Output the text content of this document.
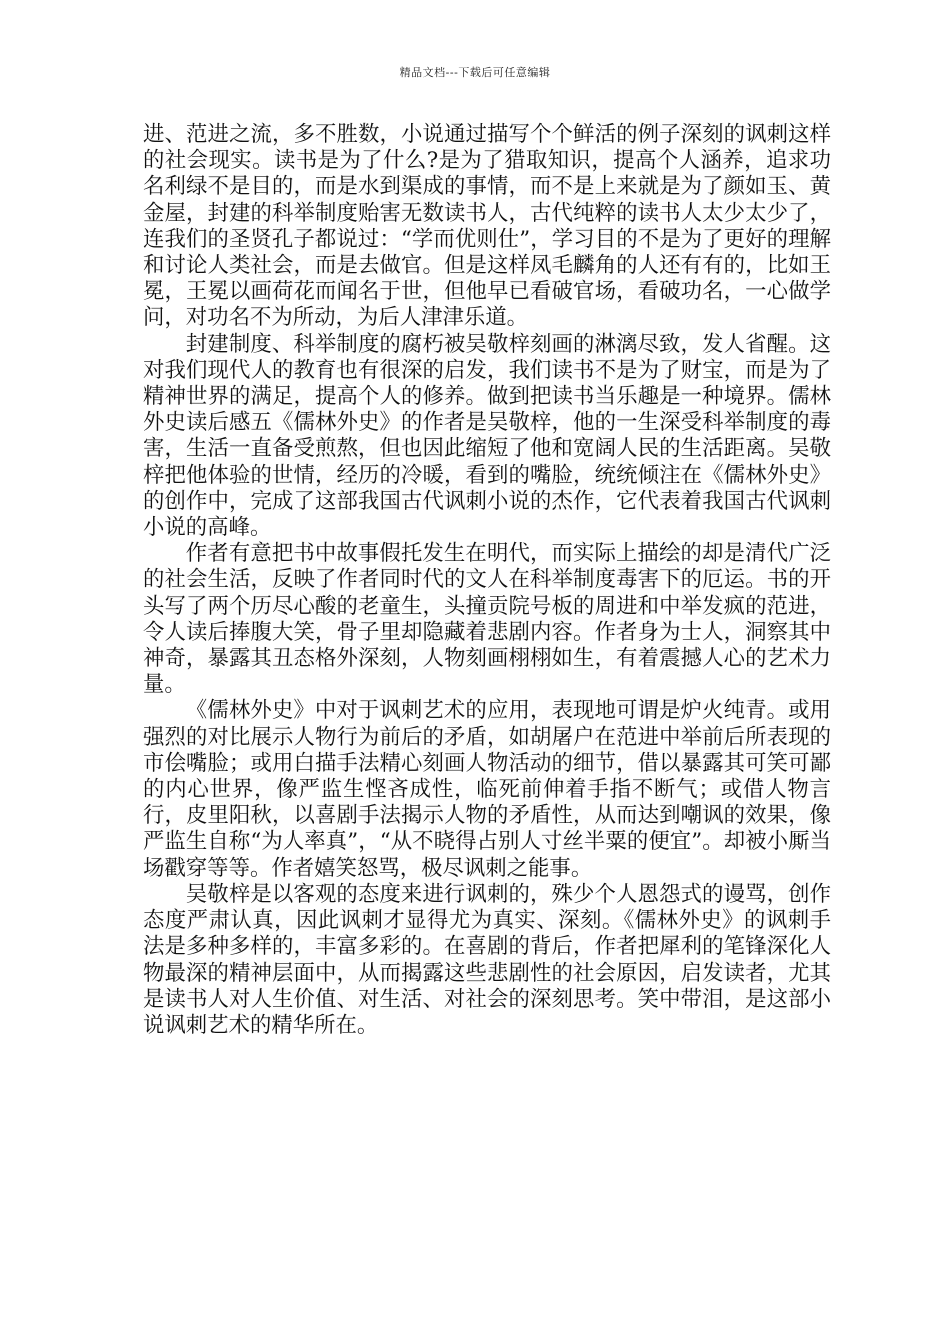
精品文档---下载后可任意编辑

进、范进之流，多不胜数，小说通过描写个个鲜活的例子深刻的讽刺这样的社会现实。读书是为了什么?是为了猎取知识，提高个人涵养，追求功名利绿不是目的，而是水到渠成的事情，而不是上来就是为了颜如玉、黄金屋，封建的科举制度贻害无数读书人，古代纯粹的读书人太少太少了，连我们的圣贤孔子都说过：“学而优则仕”，学习目的不是为了更好的理解和讨论人类社会，而是去做官。但是这样凤毛麟角的人还有有的，比如王冕，王冕以画荷花而闻名于世，但他早已看破官场，看破功名，一心做学问，对功名不为所动，为后人津津乐道。

封建制度、科举制度的腐朽被吴敬梓刻画的淋漓尽致，发人省醒。这对我们现代人的教育也有很深的启发，我们读书不是为了财宝，而是为了精神世界的满足，提高个人的修养。做到把读书当乐趣是一种境界。儒林外史读后感五《儒林外史》的作者是吴敬梓，他的一生深受科举制度的毒害，生活一直备受煎熬，但也因此缩短了他和宽阔人民的生活距离。吴敬梓把他体验的世情，经历的冷暖，看到的嘴脸，统统倾注在《儒林外史》的创作中，完成了这部我国古代讽刺小说的杰作，它代表着我国古代讽刺小说的高峰。

作者有意把书中故事假托发生在明代，而实际上描绘的却是清代广泛的社会生活，反映了作者同时代的文人在科举制度毒害下的厄运。书的开头写了两个历尽心酸的老童生，头撞贡院号板的周进和中举发疯的范进，令人读后捧腹大笑，骨子里却隐藏着悲剧内容。作者身为士人，洞察其中神奇，暴露其丑态格外深刻，人物刻画栩栩如生，有着震撼人心的艺术力量。

《儒林外史》中对于讽刺艺术的应用，表现地可谓是炉火纯青。或用强烈的对比展示人物行为前后的矛盾，如胡屠户在范进中举前后所表现的市侩嘴脸；或用白描手法精心刻画人物活动的细节，借以暴露其可笑可鄙的内心世界，像严监生悭吝成性，临死前伸着手指不断气；或借人物言行，皮里阳秋，以喜剧手法揭示人物的矛盾性，从而达到嘲讽的效果，像严监生自称“为人率真”，“从不晓得占别人寸丝半粟的便宜”。却被小厮当场戳穿等等。作者嬉笑怒骂，极尽讽刺之能事。

吴敬梓是以客观的态度来进行讽刺的，殊少个人恩怨式的谩骂，创作态度严肃认真，因此讽刺才显得尤为真实、深刻。《儒林外史》的讽刺手法是多种多样的，丰富多彩的。在喜剧的背后，作者把犀利的笔锋深化人物最深的精神层面中，从而揭露这些悲剧性的社会原因，启发读者，尤其是读书人对人生价值、对生活、对社会的深刻思考。笑中带泪，是这部小说讽刺艺术的精华所在。
